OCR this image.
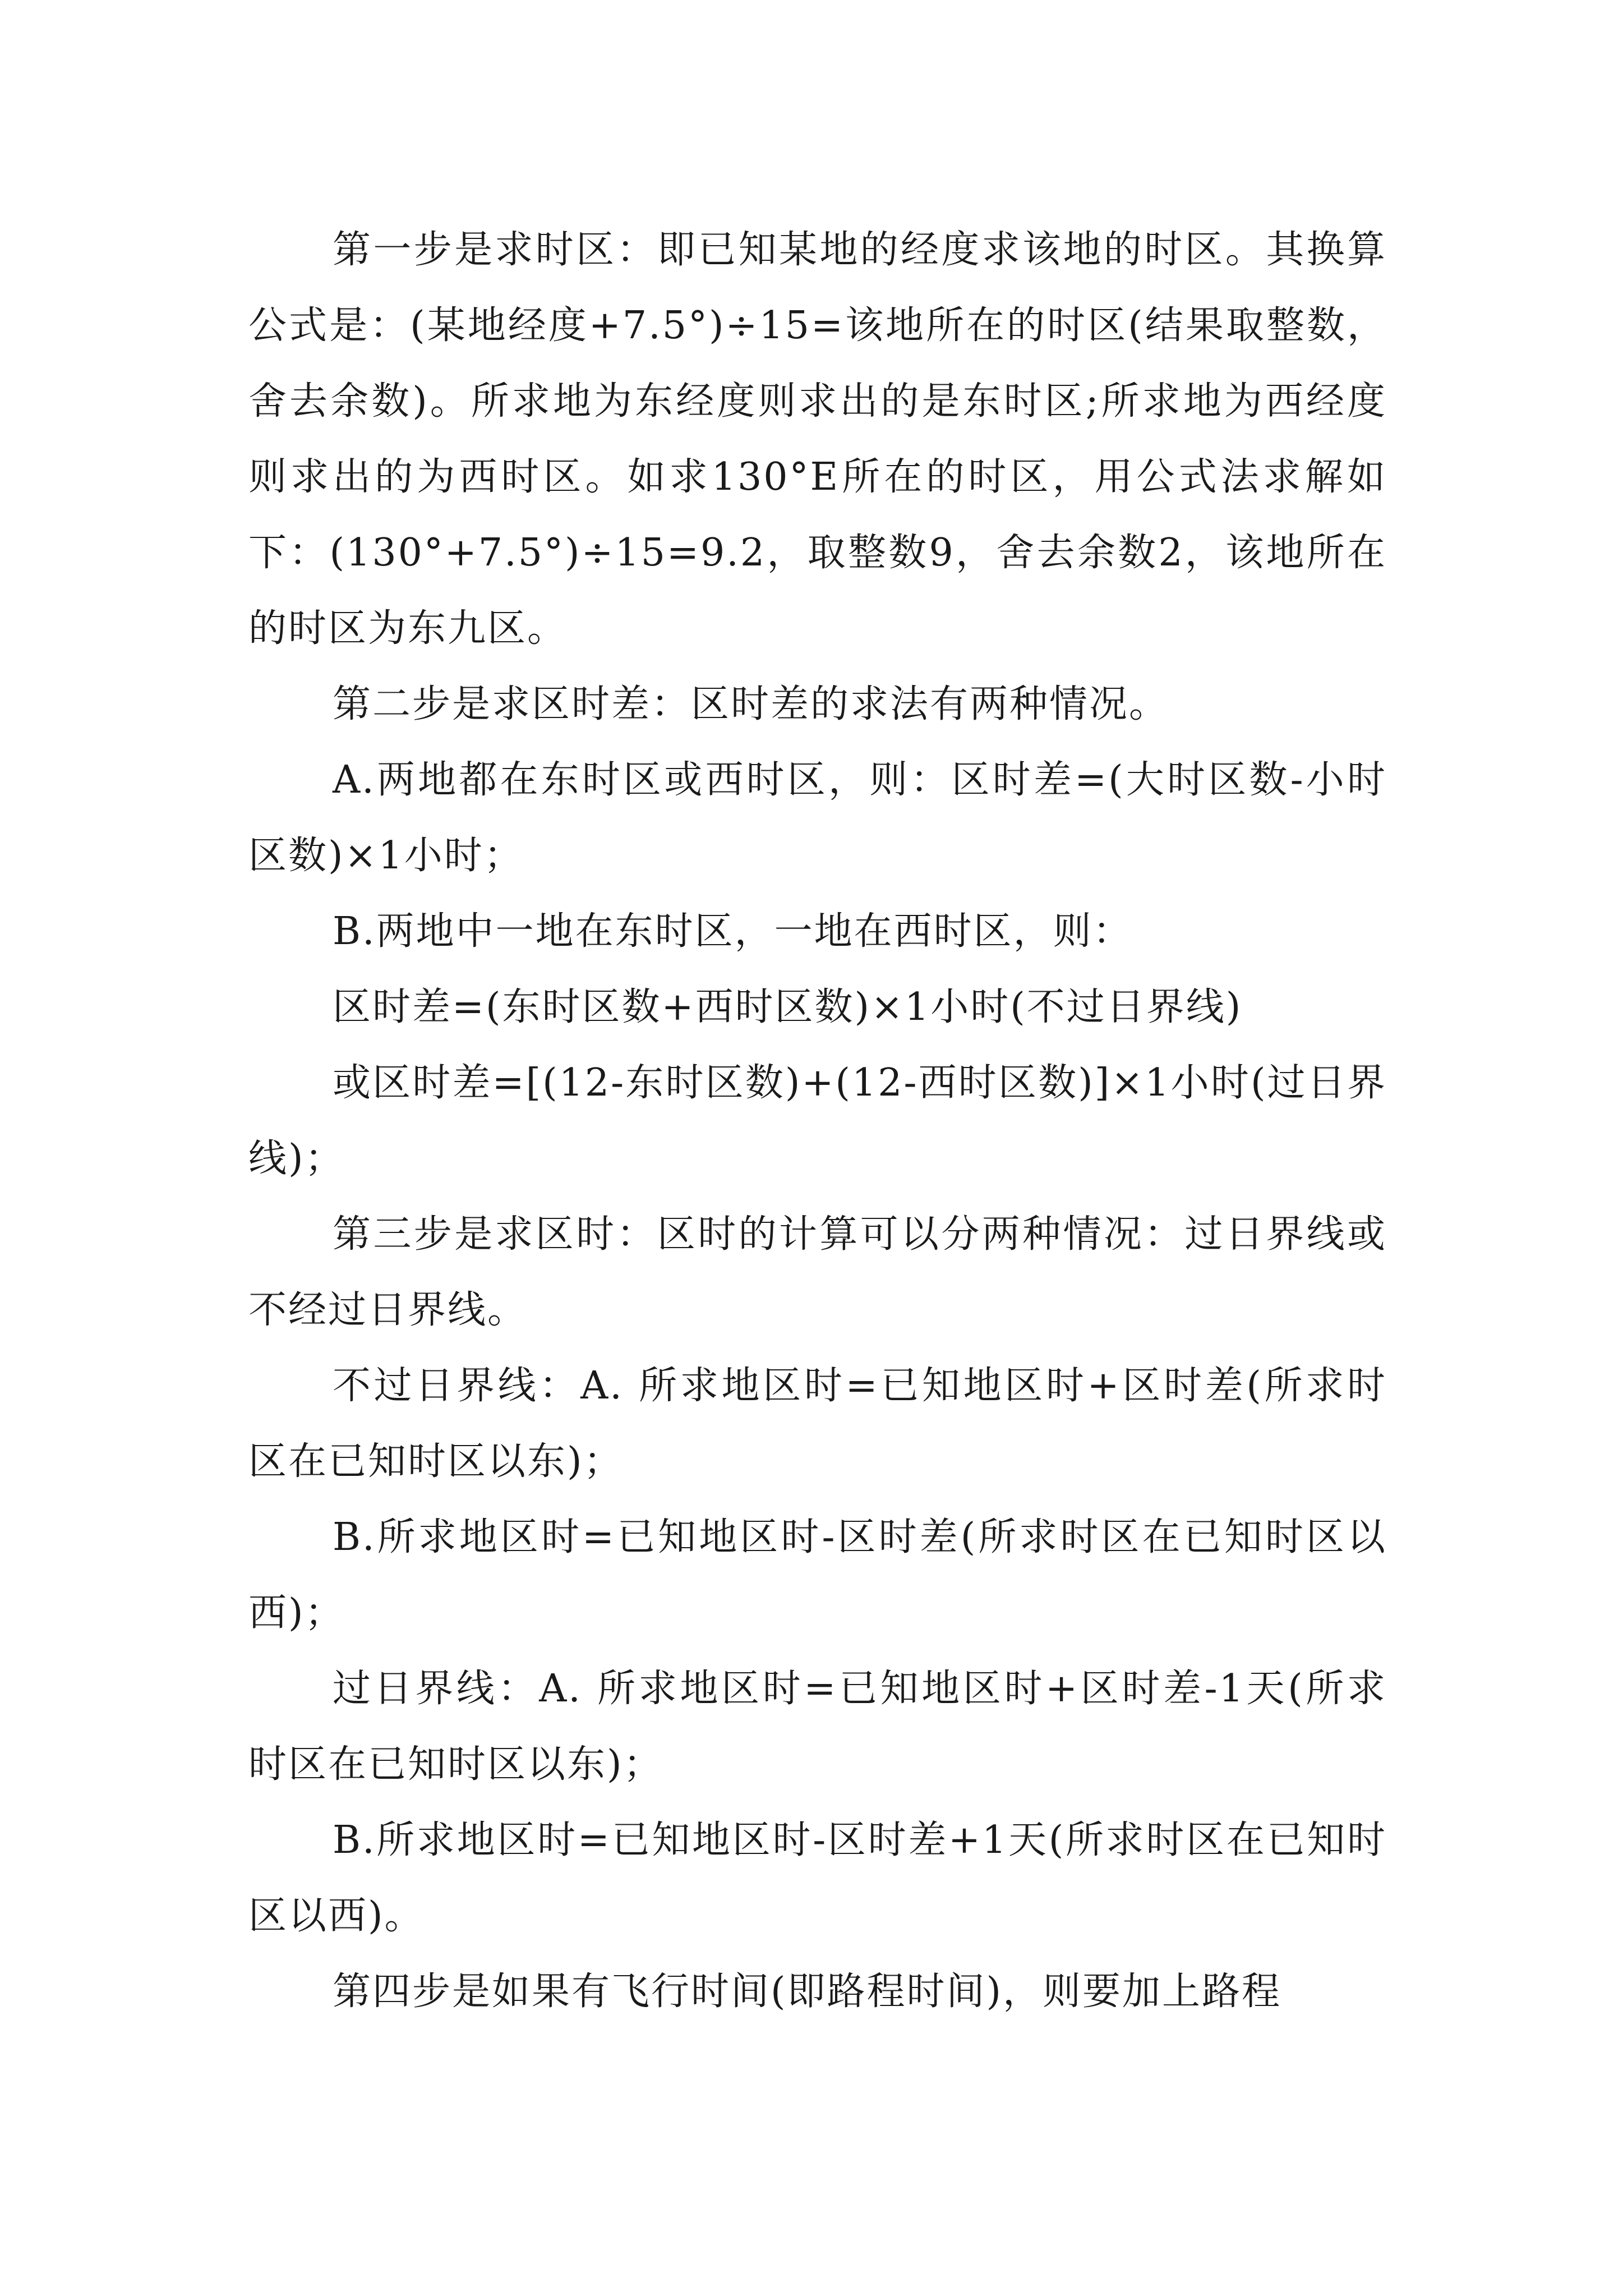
第一步是求时区：即已知某地的经度求该地的时区。其换算公式是：(某地经度+7.5°)÷15=该地所在的时区(结果取整数，舍去余数)。所求地为东经度则求出的是东时区;所求地为西经度则求出的为西时区。如求130°E所在的时区，用公式法求解如下：(130°+7.5°)÷15=9.2，取整数9，舍去余数2，该地所在的时区为东九区。

第二步是求区时差：区时差的求法有两种情况。

A.两地都在东时区或西时区，则：区时差=(大时区数-小时区数)×1小时；

B.两地中一地在东时区，一地在西时区，则：

区时差=(东时区数+西时区数)×1小时(不过日界线)

或区时差=[(12-东时区数)+(12-西时区数)]×1小时(过日界线)；

第三步是求区时：区时的计算可以分两种情况：过日界线或不经过日界线。

不过日界线：A. 所求地区时=已知地区时+区时差(所求时区在已知时区以东)；

B.所求地区时=已知地区时-区时差(所求时区在已知时区以西)；

过日界线：A. 所求地区时=已知地区时+区时差-1天(所求时区在已知时区以东)；

B.所求地区时=已知地区时-区时差+1天(所求时区在已知时区以西)。

第四步是如果有飞行时间(即路程时间)，则要加上路程
